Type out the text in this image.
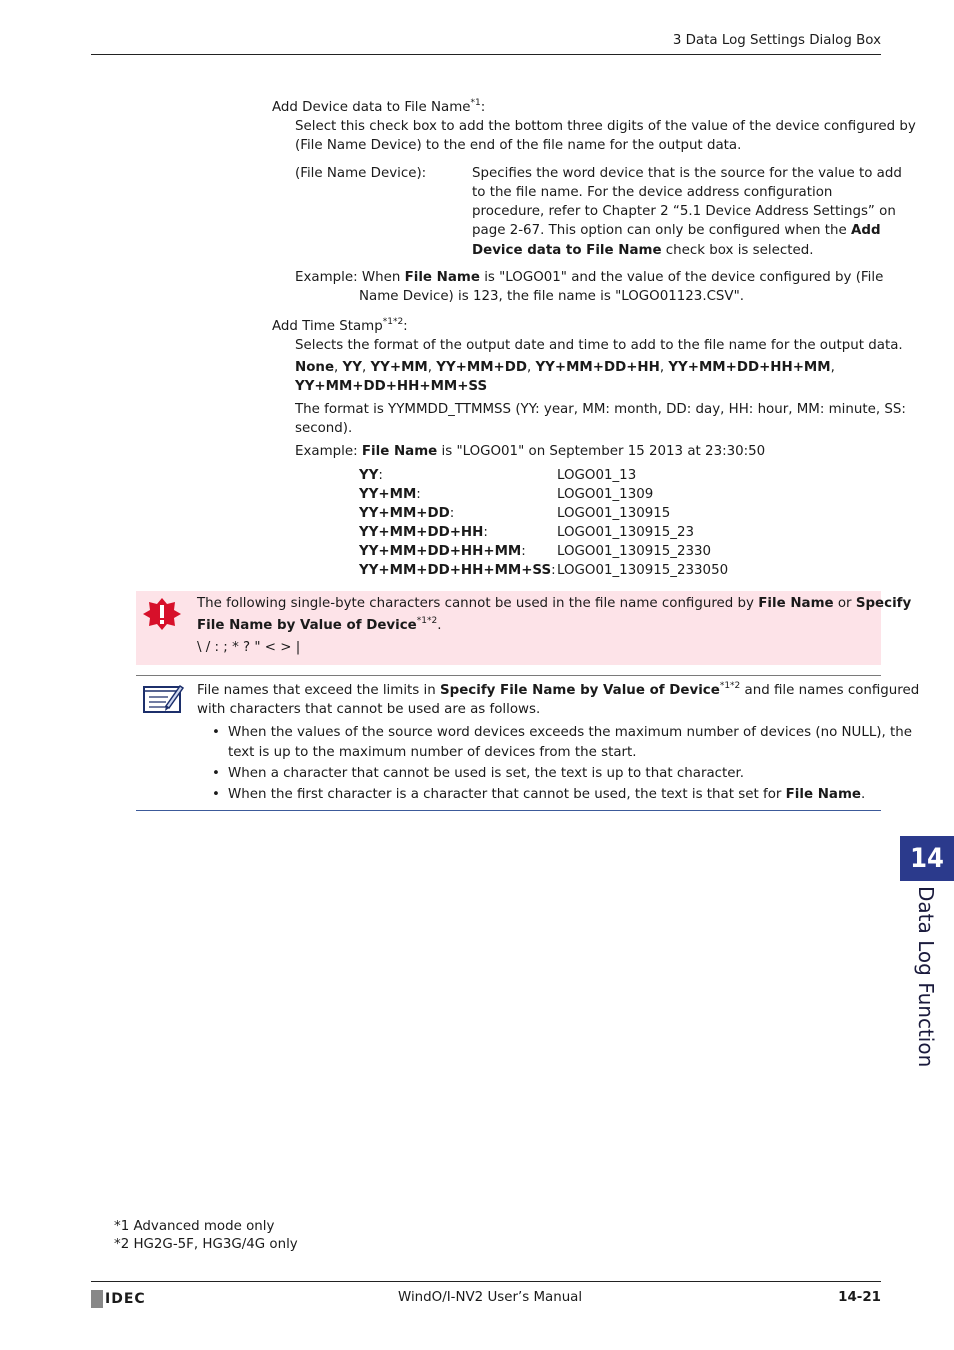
3 Data Log Settings Dialog Box
Add Device data to File Name$^{*1}$:
Select this check box to add the bottom three digits of the value of the device configured by
(File Name Device) to the end of the file name for the output data.
(File Name Device):	Specifies the word device that is the source for the value to add
to the file name. For the device address configuration
procedure, refer to Chapter 2 “5.1 Device Address Settings” on
page 2-67. This option can only be configured when the Add
Device data to File Name check box is selected.
Example: When File Name is "LOGO01" and the value of the device configured by (File
Name Device) is 123, the file name is "LOGO01123.CSV".
Add Time Stamp$^{*1*2}$:
Selects the format of the output date and time to add to the file name for the output data.
None, YY, YY+MM, YY+MM+DD, YY+MM+DD+HH, YY+MM+DD+HH+MM,
YY+MM+DD+HH+MM+SS
The format is YYMMDD_TTMMSS (YY: year, MM: month, DD: day, HH: hour, MM: minute, SS:
second).
Example: File Name is "LOGO01" on September 15 2013 at 23:30:50
YY:	LOGO01_13
YY+MM:	LOGO01_1309
YY+MM+DD:	LOGO01_130915
YY+MM+DD+HH:	LOGO01_130915_23
YY+MM+DD+HH+MM: LOGO01_130915_2330
YY+MM+DD+HH+MM+SS: LOGO01_130915_233050
The following single-byte characters cannot be used in the file name configured by File Name or Specify
File Name by Value of Device$^{*1*2}$.
\ / : ; * ? " < > |
File names that exceed the limits in Specify File Name by Value of Device$^{*1*2}$ and file names configured
with characters that cannot be used are as follows.
• When the values of the source word devices exceeds the maximum number of devices (no NULL), the
text is up to the maximum number of devices from the start.
• When a character that cannot be used is set, the text is up to that character.
• When the first character is a character that cannot be used, the text is that set for File Name.
14
Data Log Function
*1 Advanced mode only
*2 HG2G-5F, HG3G/4G only
IDEC	WindO/I-NV2 User’s Manual	14-21
